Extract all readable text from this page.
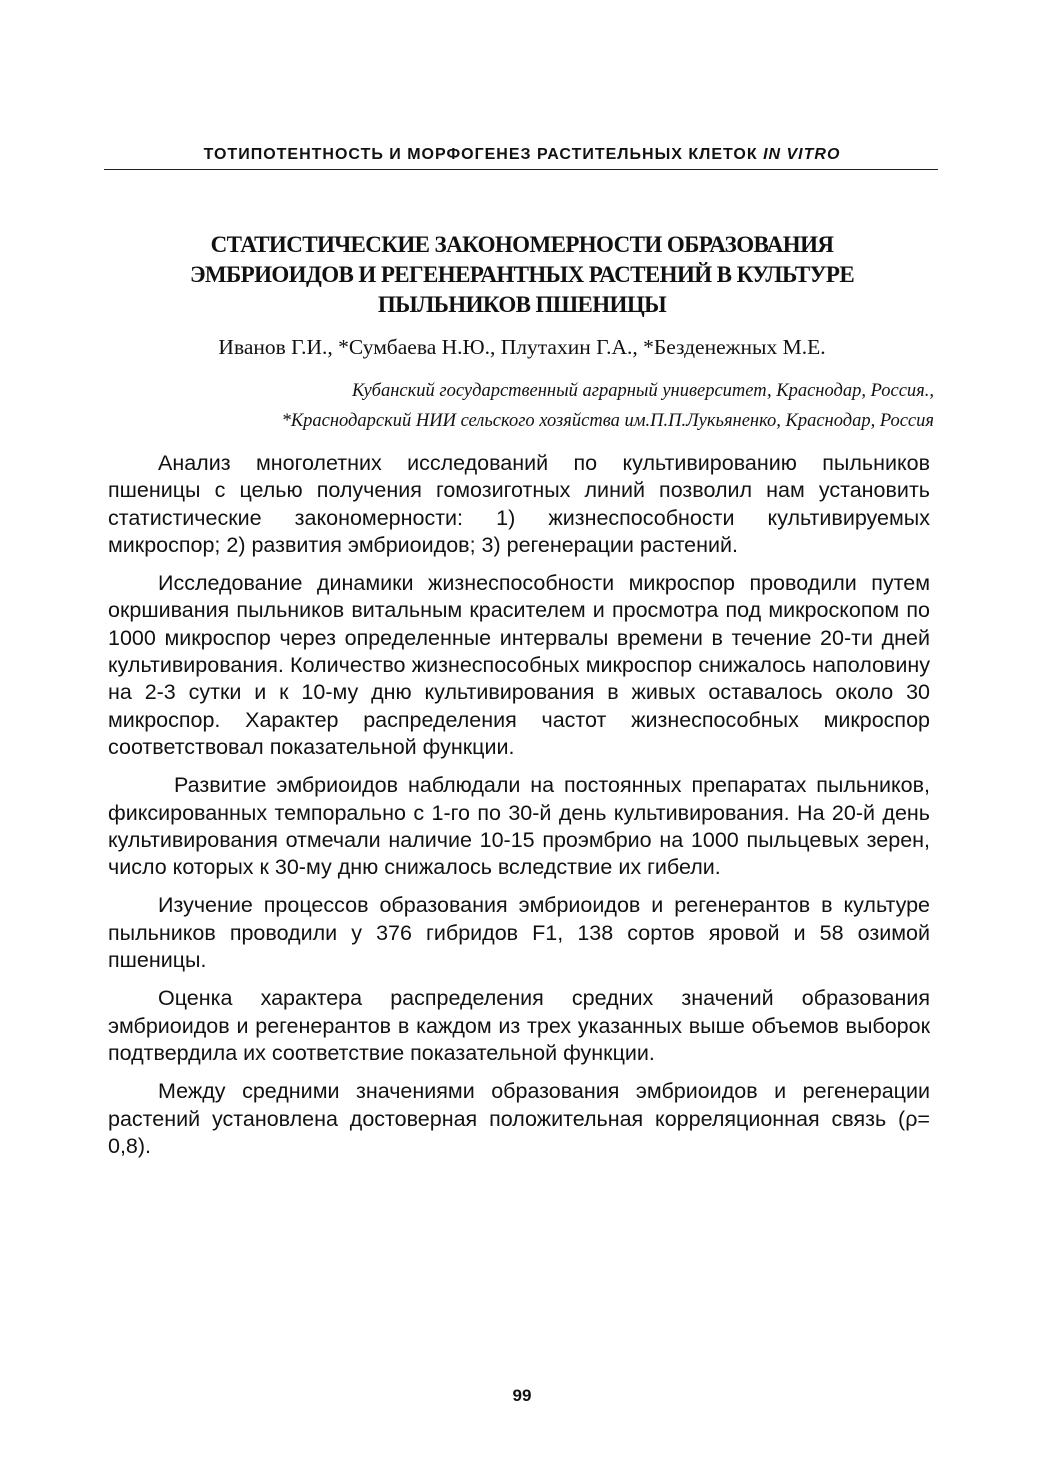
ТОТИПОТЕНТНОСТЬ И МОРФОГЕНЕЗ РАСТИТЕЛЬНЫХ КЛЕТОК IN VITRO
СТАТИСТИЧЕСКИЕ ЗАКОНОМЕРНОСТИ ОБРАЗОВАНИЯ
ЭМБРИОИДОВ И РЕГЕНЕРАНТНЫХ РАСТЕНИЙ В КУЛЬТУРЕ
ПЫЛЬНИКОВ ПШЕНИЦЫ
Иванов Г.И., *Сумбаева Н.Ю., Плутахин Г.А., *Безденежных М.Е.
Кубанский государственный аграрный университет, Краснодар, Россия.,
*Краснодарский НИИ сельского хозяйства им.П.П.Лукьяненко, Краснодар, Россия

Анализ многолетних исследований по культивированию пыльников пшеницы с целью получения гомозиготных линий позволил нам установить статистические закономерности: 1) жизнеспособности культивируемых микроспор; 2) развития эмбриоидов; 3) регенерации растений.

Исследование динамики жизнеспособности микроспор проводили путем окршивания пыльников витальным красителем и просмотра под микроскопом по 1000 микроспор через определенные интервалы времени в течение 20-ти дней культивирования. Количество жизнеспособных микроспор снижалось наполовину на 2-3 сутки и к 10-му дню культивирования в живых оставалось около 30 микроспор. Характер распределения частот жизнеспособных микроспор соответствовал показательной функции.

Развитие эмбриоидов наблюдали на постоянных препаратах пыльников, фиксированных темпорально с 1-го по 30-й день культивирования. На 20-й день культивирования отмечали наличие 10-15 проэмбрио на 1000 пыльцевых зерен, число которых к 30-му дню снижалось вследствие их гибели.

Изучение процессов образования эмбриоидов и регенерантов в культуре пыльников проводили у 376 гибридов F1, 138 сортов яровой и 58 озимой пшеницы.

Оценка характера распределения средних значений образования эмбриоидов и регенерантов в каждом из трех указанных выше объемов выборок подтвердила их соответствие показательной функции.

Между средними значениями образования эмбриоидов и регенерации растений установлена достоверная положительная корреляционная связь (ρ= 0,8).

99
